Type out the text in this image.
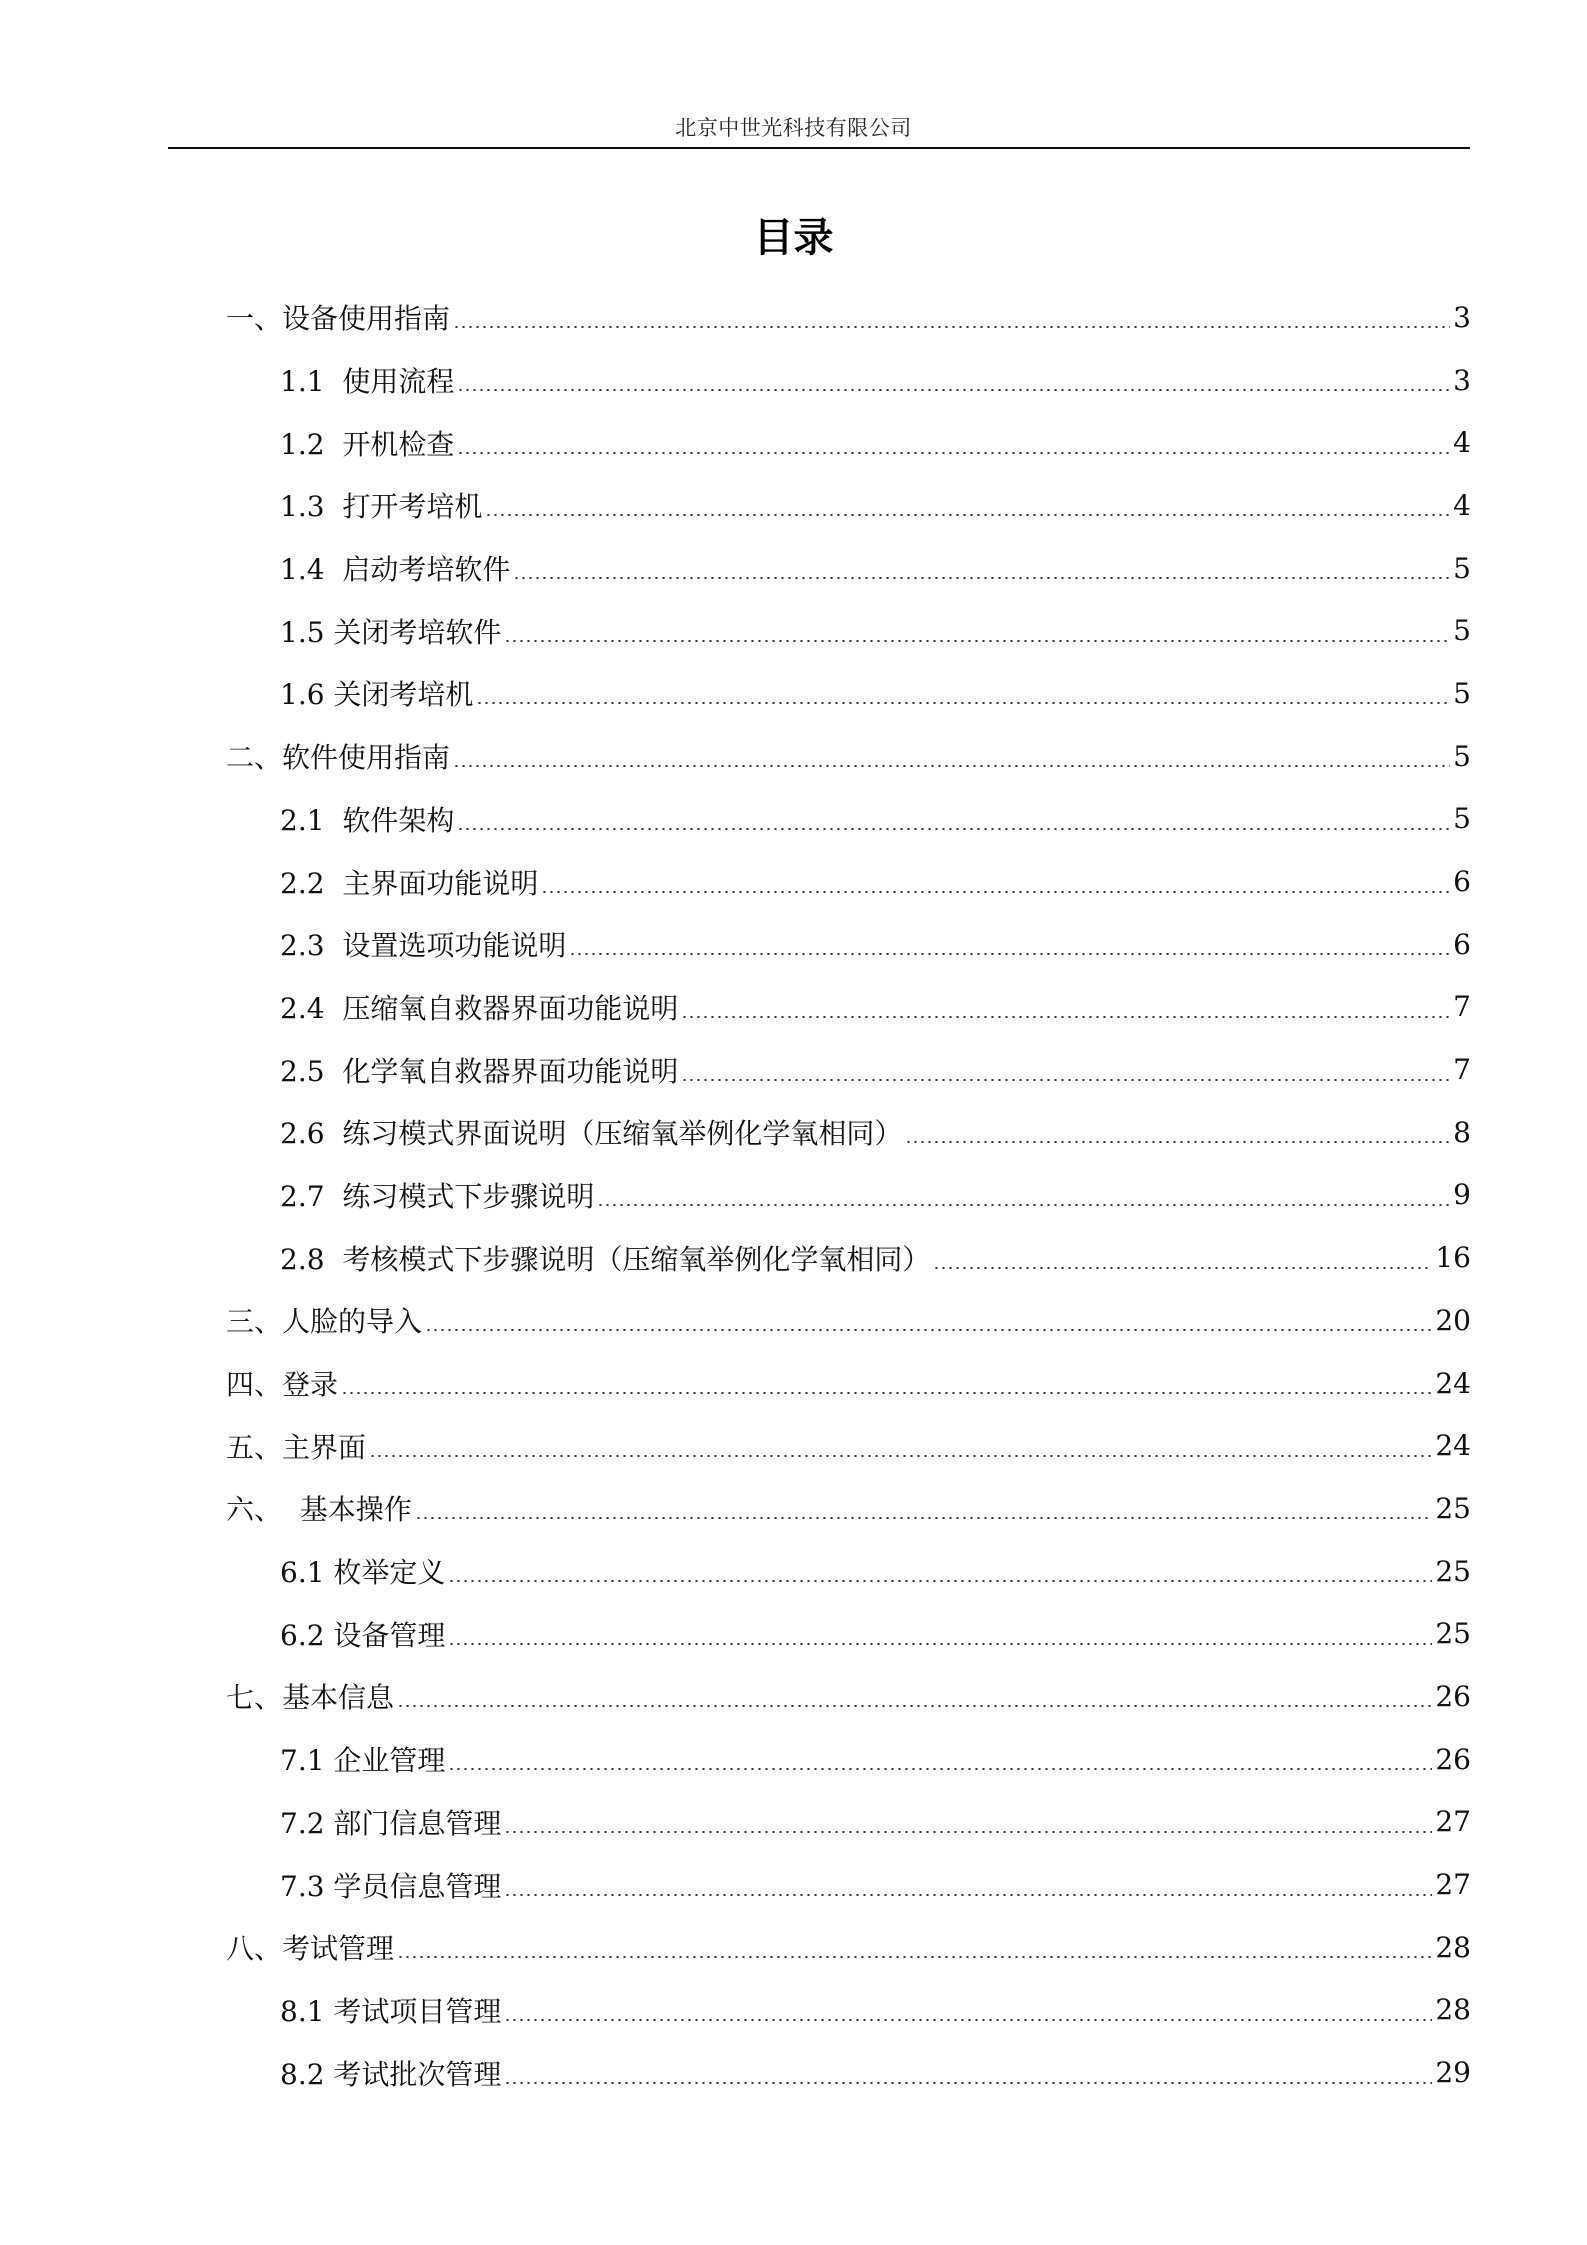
北京中世光科技有限公司
目录
一、设备使用指南	3
1.1  使用流程	3
1.2  开机检查	4
1.3  打开考培机	4
1.4  启动考培软件	5
1.5 关闭考培软件	5
1.6 关闭考培机	5
二、软件使用指南	5
2.1  软件架构	5
2.2  主界面功能说明	6
2.3  设置选项功能说明	6
2.4  压缩氧自救器界面功能说明	7
2.5  化学氧自救器界面功能说明	7
2.6  练习模式界面说明（压缩氧举例化学氧相同）	8
2.7  练习模式下步骤说明	9
2.8  考核模式下步骤说明（压缩氧举例化学氧相同）	16
三、人脸的导入	20
四、登录	24
五、主界面	24
六、  基本操作	25
6.1 枚举定义	25
6.2 设备管理	25
七、基本信息	26
7.1 企业管理	26
7.2 部门信息管理	27
7.3 学员信息管理	27
八、考试管理	28
8.1 考试项目管理	28
8.2 考试批次管理	29
